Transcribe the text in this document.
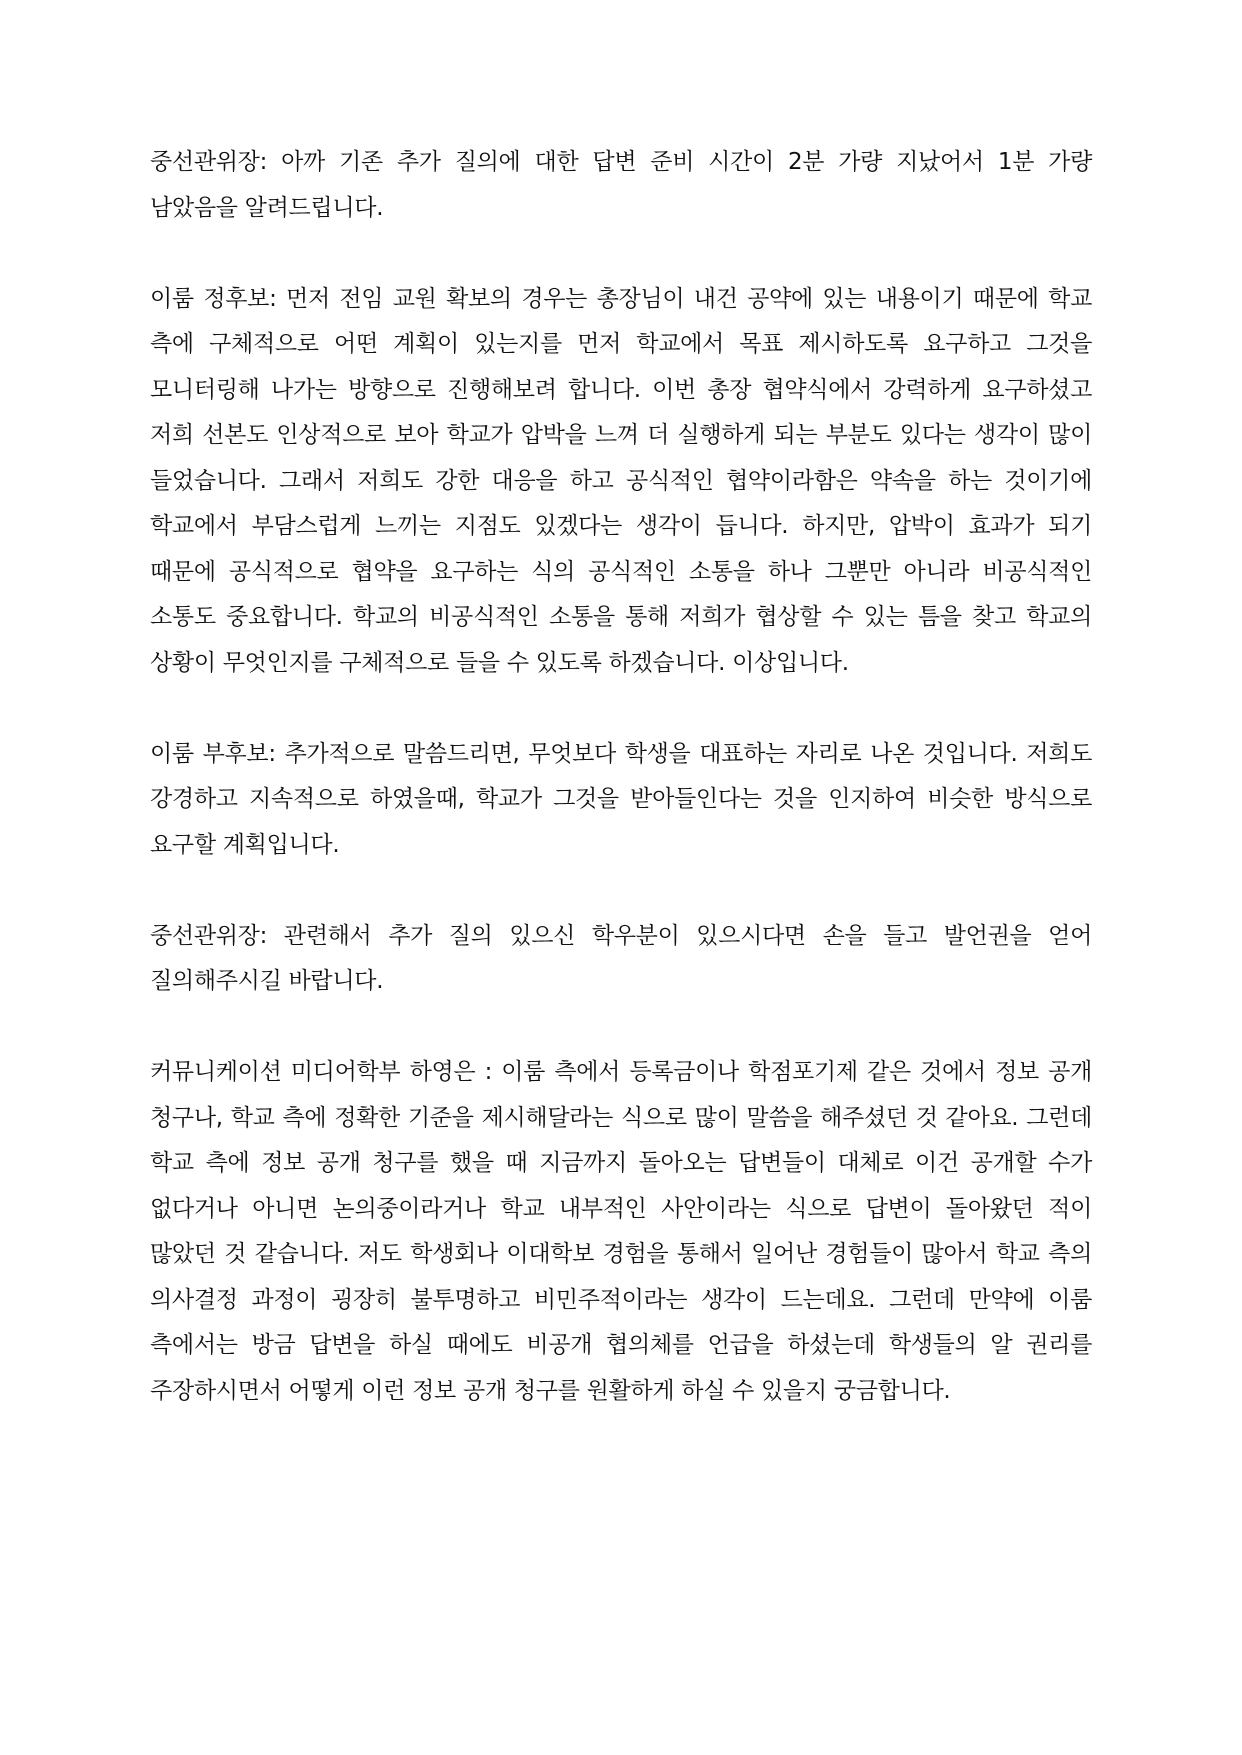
중선관위장: 아까 기존 추가 질의에 대한 답변 준비 시간이 2분 가량 지났어서 1분 가량 남았음을 알려드립니다.

이룸 정후보: 먼저 전임 교원 확보의 경우는 총장님이 내건 공약에 있는 내용이기 때문에 학교 측에 구체적으로 어떤 계획이 있는지를 먼저 학교에서 목표 제시하도록 요구하고 그것을 모니터링해 나가는 방향으로 진행해보려 합니다. 이번 총장 협약식에서 강력하게 요구하셨고 저희 선본도 인상적으로 보아 학교가 압박을 느껴 더 실행하게 되는 부분도 있다는 생각이 많이 들었습니다. 그래서 저희도 강한 대응을 하고 공식적인 협약이라함은 약속을 하는 것이기에 학교에서 부담스럽게 느끼는 지점도 있겠다는 생각이 듭니다. 하지만, 압박이 효과가 되기 때문에 공식적으로 협약을 요구하는 식의 공식적인 소통을 하나 그뿐만 아니라 비공식적인 소통도 중요합니다. 학교의 비공식적인 소통을 통해 저희가 협상할 수 있는 틈을 찾고 학교의 상황이 무엇인지를 구체적으로 들을 수 있도록 하겠습니다. 이상입니다.

이룸 부후보: 추가적으로 말씀드리면, 무엇보다 학생을 대표하는 자리로 나온 것입니다. 저희도 강경하고 지속적으로 하였을때, 학교가 그것을 받아들인다는 것을 인지하여 비슷한 방식으로 요구할 계획입니다.

중선관위장: 관련해서 추가 질의 있으신 학우분이 있으시다면 손을 들고 발언권을 얻어 질의해주시길 바랍니다.

커뮤니케이션 미디어학부 하영은 : 이룸 측에서 등록금이나 학점포기제 같은 것에서 정보 공개 청구나, 학교 측에 정확한 기준을 제시해달라는 식으로 많이 말씀을 해주셨던 것 같아요. 그런데 학교 측에 정보 공개 청구를 했을 때 지금까지 돌아오는 답변들이 대체로 이건 공개할 수가 없다거나 아니면 논의중이라거나 학교 내부적인 사안이라는 식으로 답변이 돌아왔던 적이 많았던 것 같습니다. 저도 학생회나 이대학보 경험을 통해서 일어난 경험들이 많아서 학교 측의 의사결정 과정이 굉장히 불투명하고 비민주적이라는 생각이 드는데요. 그런데 만약에 이룸 측에서는 방금 답변을 하실 때에도 비공개 협의체를 언급을 하셨는데 학생들의 알 권리를 주장하시면서 어떻게 이런 정보 공개 청구를 원활하게 하실 수 있을지 궁금합니다.
